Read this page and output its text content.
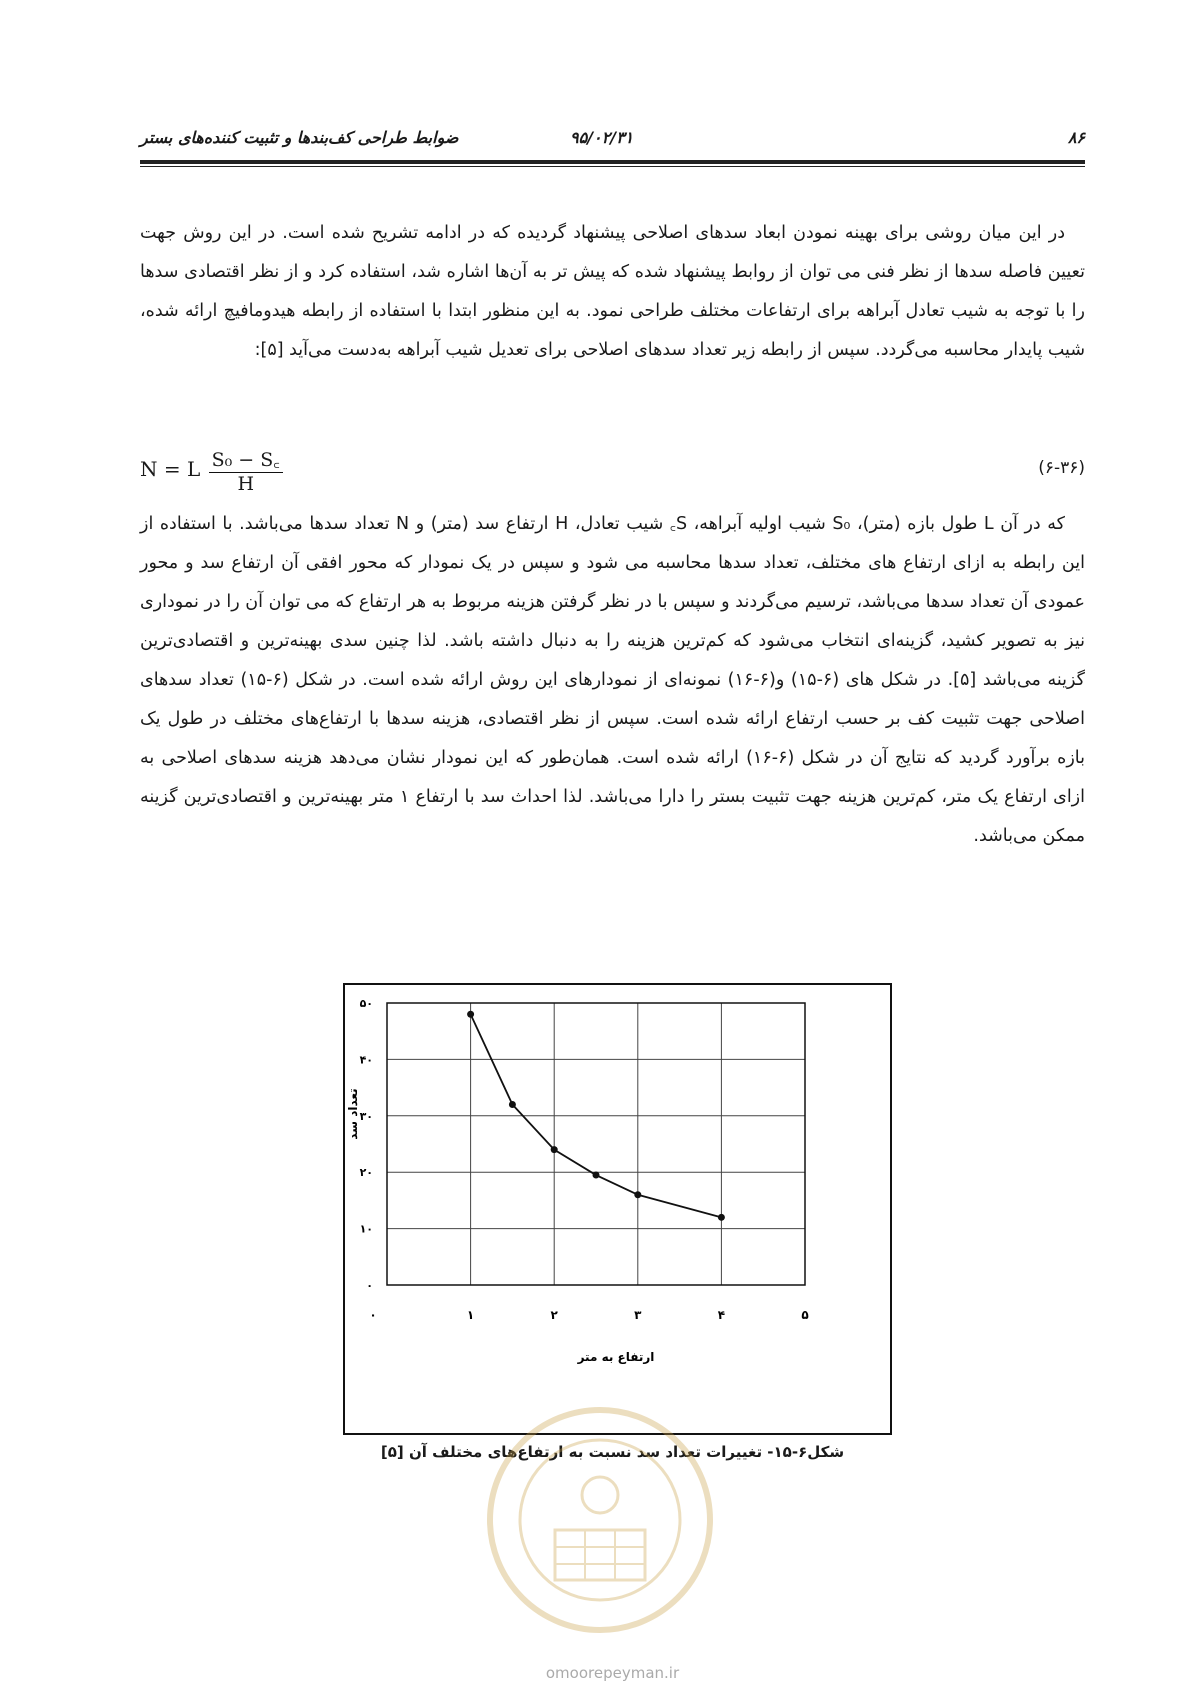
۸۶
۹۵/۰۲/۳۱
ضوابط طراحی کف‌بندها و تثبیت کننده‌های بستر
در این میان روشی برای بهینه نمودن ابعاد سدهای اصلاحی پیشنهاد گردیده که در ادامه تشریح شده است. در این روش جهت تعیین فاصله سدها از نظر فنی می توان از روابط پیشنهاد شده که پیش تر به آن‌ها اشاره شد، استفاده کرد و از نظر اقتصادی سدها را با توجه به شیب تعادل آبراهه برای ارتفاعات مختلف طراحی نمود. به این منظور ابتدا با استفاده از رابطه هیدومافیچ ارائه شده، شیب پایدار محاسبه می‌گردد. سپس از رابطه زیر تعداد سدهای اصلاحی برای تعدیل شیب آبراهه به‌دست می‌آید [۵]:
N = L $\frac{\text{S₀ − S꜀}}{H}$	(۶-۳۶)
که در آن L طول بازه (متر)، S₀ شیب اولیه آبراهه، S꜀ شیب تعادل، H ارتفاع سد (متر) و N تعداد سدها می‌باشد. با استفاده از این رابطه به ازای ارتفاع های مختلف، تعداد سدها محاسبه می شود و سپس در یک نمودار که محور افقی آن ارتفاع سد و محور عمودی آن تعداد سدها می‌باشد، ترسیم می‌گردند و سپس با در نظر گرفتن هزینه مربوط به هر ارتفاع که می توان آن را در نموداری نیز به تصویر کشید، گزینه‌ای انتخاب می‌شود که کم‌ترین هزینه را به دنبال داشته باشد. لذا چنین سدی بهینه‌ترین و اقتصادی‌ترین گزینه می‌باشد [۵]. در شکل های (۶-۱۵) و(۶-۱۶) نمونه‌ای از نمودارهای این روش ارائه شده است. در شکل (۶-۱۵) تعداد سدهای اصلاحی جهت تثبیت کف بر حسب ارتفاع ارائه شده است. سپس از نظر اقتصادی، هزینه سدها با ارتفاع‌های مختلف در طول یک بازه برآورد گردید که نتایج آن در شکل (۶-۱۶) ارائه شده است. همان‌طور که این نمودار نشان می‌دهد هزینه سدهای اصلاحی به ازای ارتفاع یک متر، کم‌ترین هزینه جهت تثبیت بستر را دارا می‌باشد. لذا احداث سد با ارتفاع ۱ متر بهینه‌ترین و اقتصادی‌ترین گزینه ممکن می‌باشد.
۰
۱۰
۲۰
۳۰
۴۰
۵۰
۰	۱	۲	۳	۴	۵
ارتفاع به متر
تعداد سد
شکل۶-۱۵- تغییرات تعداد سد نسبت به ارتفاع‌های مختلف آن [۵]
omoorepeyman.ir
